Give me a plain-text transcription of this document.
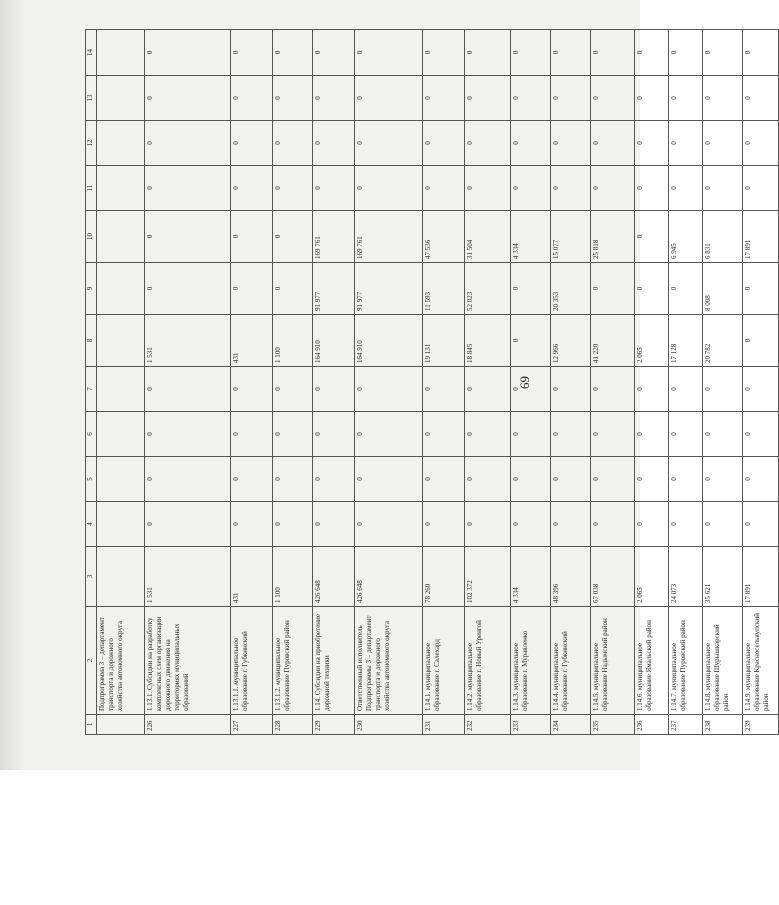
1	2	3	4	5	6	7	8	9	10	11	12	13	14
	Подпрограмма 3 – департамент транспорта и дорожного хозяйства автономного округа												
226	1.13.1. Субсидии на разработку комплексных схем организации дорожного движения на территориях муниципальных образований	1 531	0	0	0	0	1 531	0	0	0	0	0	0
227	1.13.1.1. муниципальное образование г. Губкинский	431	0	0	0	0	431	0	0	0	0	0	0
228	1.13.1.2. муниципальное образование Пуровский район	1 100	0	0	0	0	1 100	0	0	0	0	0	0
229	1.14. Субсидии на приобретение дорожной техники	426 648	0	0	0	0	164 910	91 977	169 761	0	0	0	0
230	Ответственный исполнитель Подпрограммы 3 – департамент транспорта и дорожного хозяйства автономного округа	426 648	0	0	0	0	164 910	91 977	169 761	0	0	0	0
231	1.14.1. муниципальное образование г. Салехард	78 260	0	0	0	0	19 131	11 593	47 536	0	0	0	0
232	1.14.2. муниципальное образование г. Новый Уренгой	102 372	0	0	0	0	18 845	52 023	31 504	0	0	0	0
233	1.14.3. муниципальное образование г. Муравленко	4 334	0	0	0	0	0	0	4 334	0	0	0	0
234	1.14.4. муниципальное образование г. Губкинский	48 396	0	0	0	0	12 966	20 353	15 077	0	0	0	0
235	1.14.5. муниципальное образование Надымский район	67 038	0	0	0	0	41 220	0	25 818	0	0	0	0
236	1.14.6. муниципальное образование Ямальский район	2 065	0	0	0	0	2 065	0	0	0	0	0	0
237	1.14.7. муниципальное образование Пуровский район	24 073	0	0	0	0	17 128	0	6 945	0	0	0	0
238	1.14.8. муниципальное образование Шурышкарский район	35 621	0	0	0	0	20 782	8 008	6 831	0	0	0	0
239	1.14.9. муниципальное образование Красноселькупский район	17 891	0	0	0	0	0	0	17 891	0	0	0	0
69
